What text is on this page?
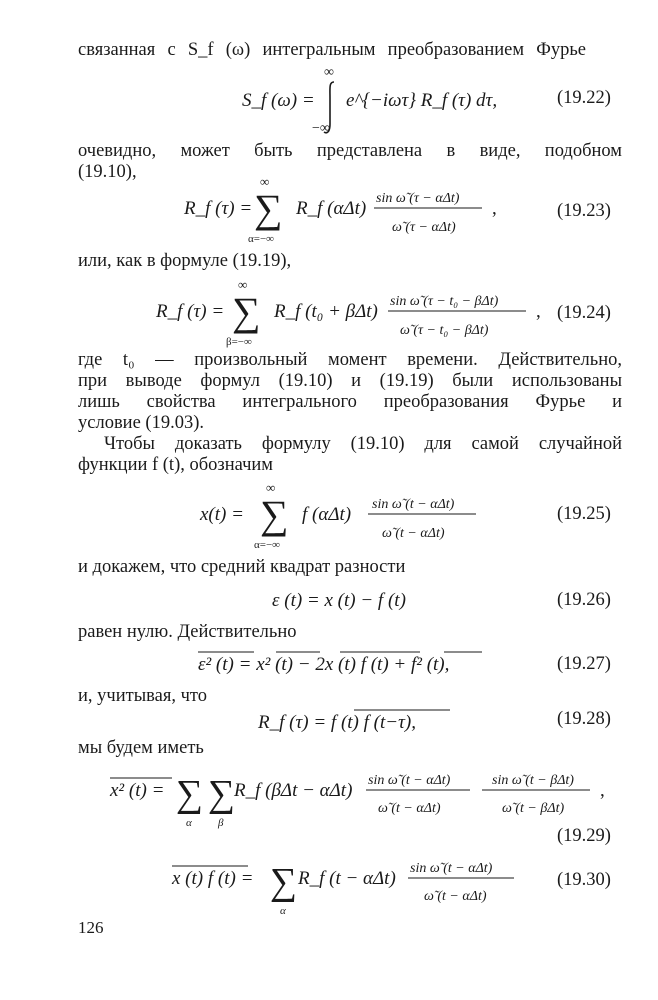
связанная с S_f (ω) интегральным преобразованием Фурье
S_f (ω) =
∞
−∞
e^{−iωτ} R_f (τ) dτ,	(19.22)
очевидно, может быть представлена в виде, подобном
(19.10),
R_f (τ) =
∞
∑
α=−∞
R_f (αΔt) sin ω̃ (τ − αΔt)
ω̃ (τ − αΔt)
,	(19.23)
или, как в формуле (19.19),
R_f (τ) =
∞
∑
β=−∞
R_f (t₀ + βΔt) sin ω̃ (τ − t₀ − βΔt)
ω̃ (τ − t₀ − βΔt)
, (19.24)
где t₀ — произвольный момент времени. Действительно,
при выводе формул (19.10) и (19.19) были использованы
лишь свойства интегрального преобразования Фурье и
условие (19.03).
Чтобы доказать формулу (19.10) для самой случайной
функции f (t), обозначим
x(t) =
∞
∑
α=−∞
f (αΔt) sin ω̃ (t − αΔt)
ω̃ (t − αΔt)
(19.25)
и докажем, что средний квадрат разности
ε (t) = x (t) − f (t)	(19.26)
равен нулю. Действительно
ε² (t) = x² (t) − 2x (t) f (t) + f² (t),	(19.27)
и, учитывая, что
R_f (τ) = f (t) f (t−τ),	(19.28)
мы будем иметь
x² (t) = ∑ ∑
α β
R_f (βΔt − αΔt) sin ω̃ (t − αΔt)
ω̃ (t − αΔt)
sin ω̃ (t − βΔt)
ω̃ (t − βΔt)
,
(19.29)
x (t) f (t) = ∑
α
R_f (t − αΔt) sin ω̃ (t − αΔt)
ω̃ (t − αΔt)
(19.30)
126
